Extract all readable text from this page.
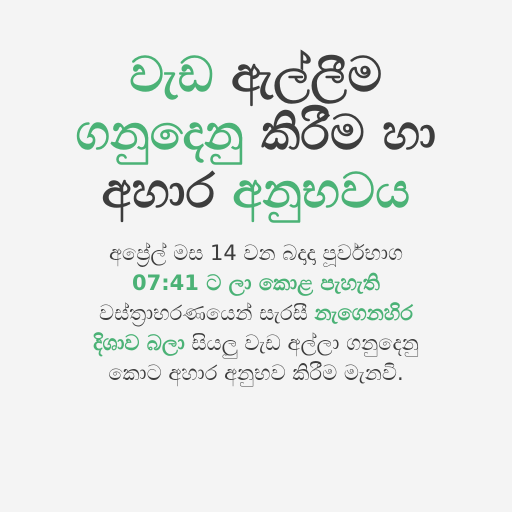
වැඩ ඇල්ලීම
ගනුදෙනු කිරීම හා
අහාර අනුභවය

අප්‍රේල් මස 14 වන බදාදා පූර්වභාග
07:41 ට ලා කොළ පැහැති
වස්ත්‍රාභරණයෙන් සැරසී නැගෙනහිර
දිශාව බලා සියලු වැඩ අල්ලා ගනුදෙනු
කොට අහාර අනුභව කිරීම මැනවි.
